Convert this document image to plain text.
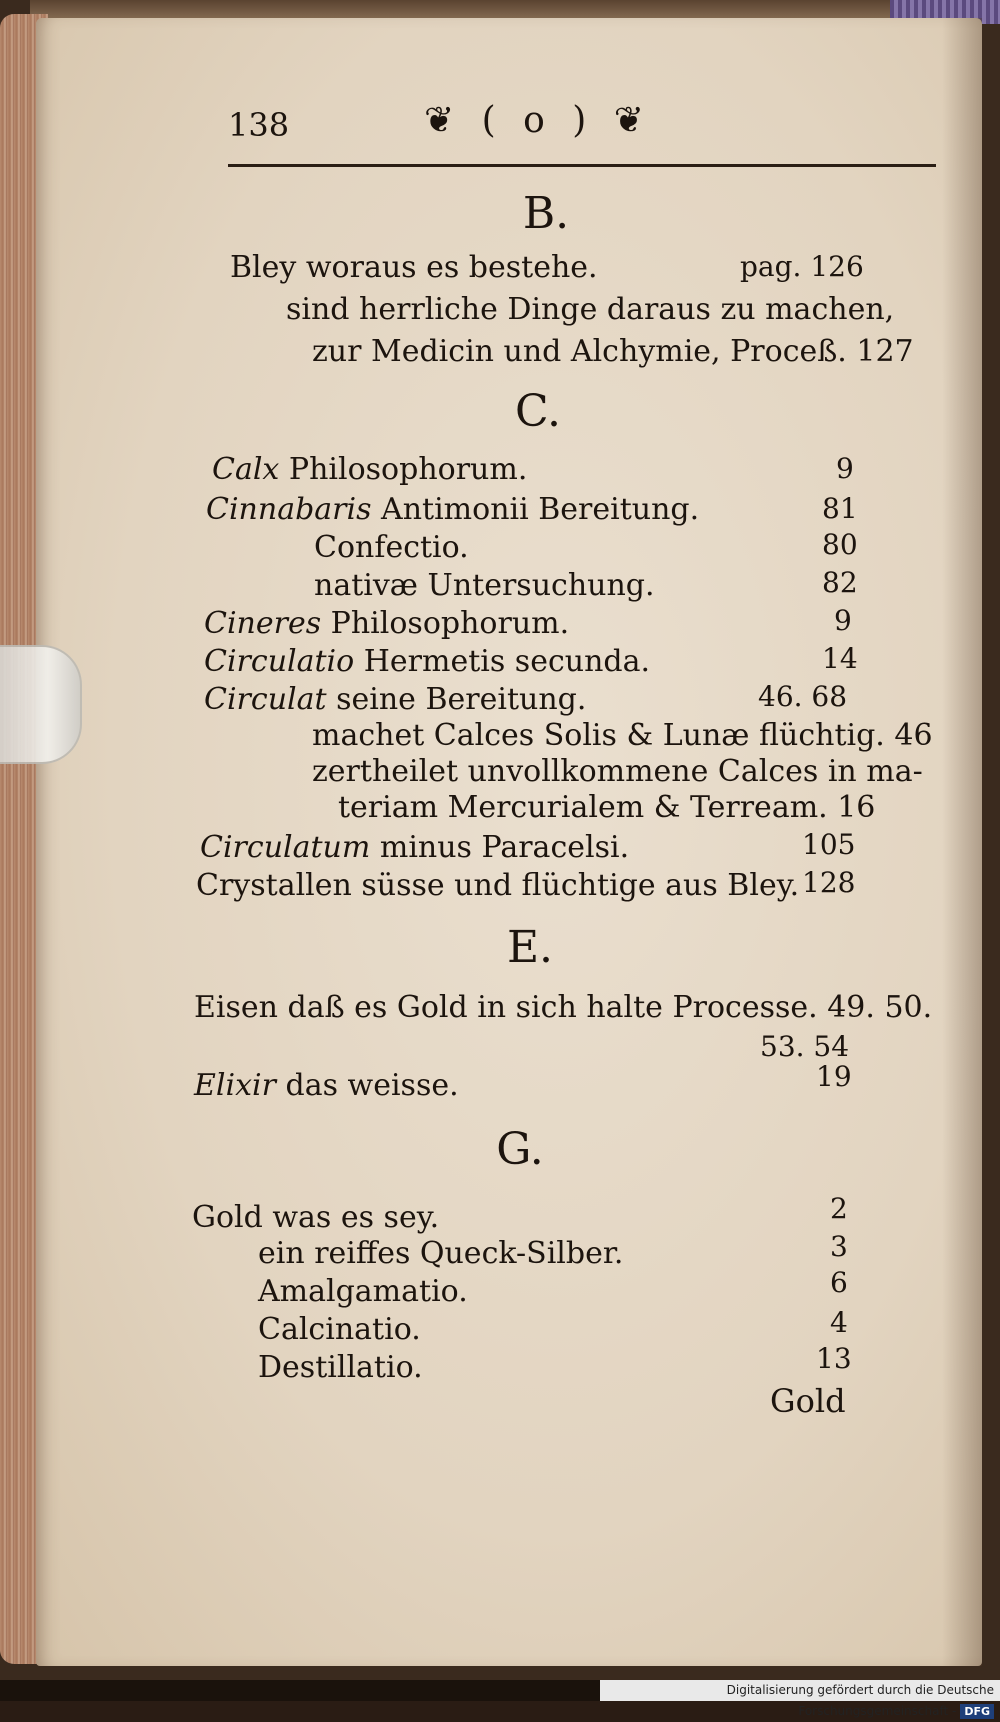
138	❦ ( o ) ❦
B.
Bley woraus es bestehe.	pag. 126
sind herrliche Dinge daraus zu machen,
zur Medicin und Alchymie, Proceß. 127
C.
Calx Philosophorum.	9
Cinnabaris Antimonii Bereitung.	81
Confectio.	80
nativæ Untersuchung.	82
Cineres Philosophorum.	9
Circulatio Hermetis secunda.	14
Circulat seine Bereitung.	46. 68
machet Calces Solis & Lunæ flüchtig. 46
zertheilet unvollkommene Calces in ma-
teriam Mercurialem & Terream. 16
Circulatum minus Paracelsi.	105
Crystallen süsse und flüchtige aus Bley. 128
E.
Eisen daß es Gold in sich halte Processe. 49. 50.
53. 54
Elixir das weisse.	19
G.
Gold was es sey.	2
ein reiffes Queck-Silber.	3
Amalgamatio.	6
Calcinatio.	4
Destillatio.	13
Gold
Digitalisierung gefördert durch die Deutsche Forschungsgemeinschaft - DFG
